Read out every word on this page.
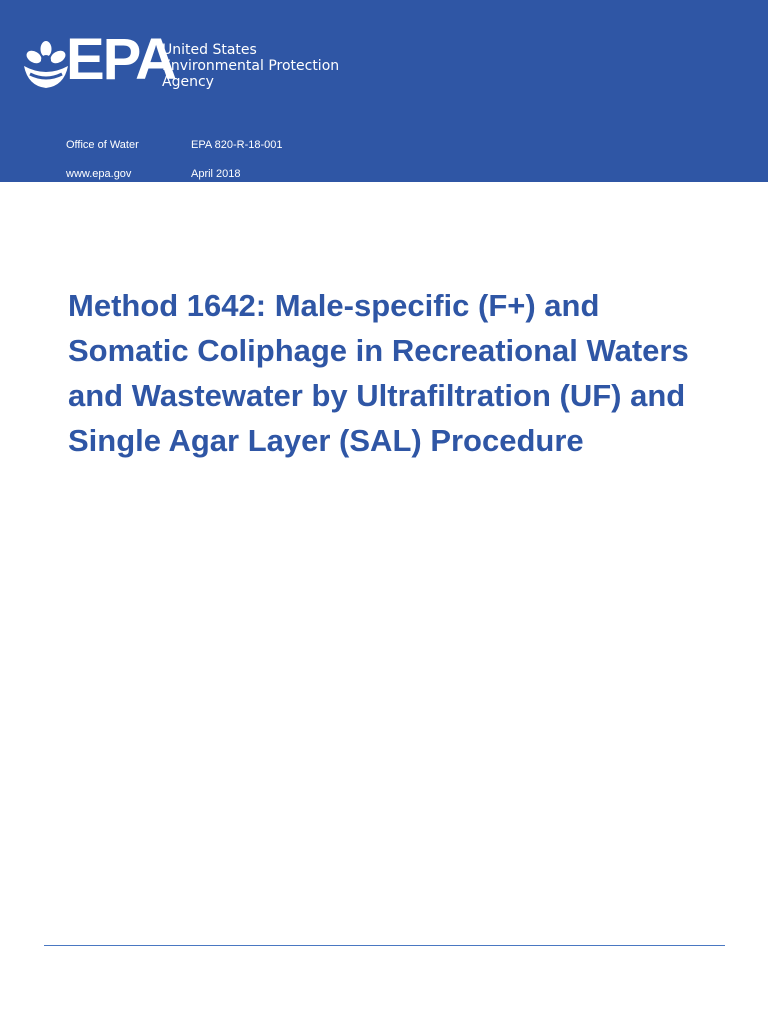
EPA
United States
Environmental Protection
Agency
Office of Water	EPA 820-R-18-001
www.epa.gov	April 2018
Method 1642: Male-specific (F+) and
Somatic Coliphage in Recreational Waters
and Wastewater by Ultrafiltration (UF) and
Single Agar Layer (SAL) Procedure
